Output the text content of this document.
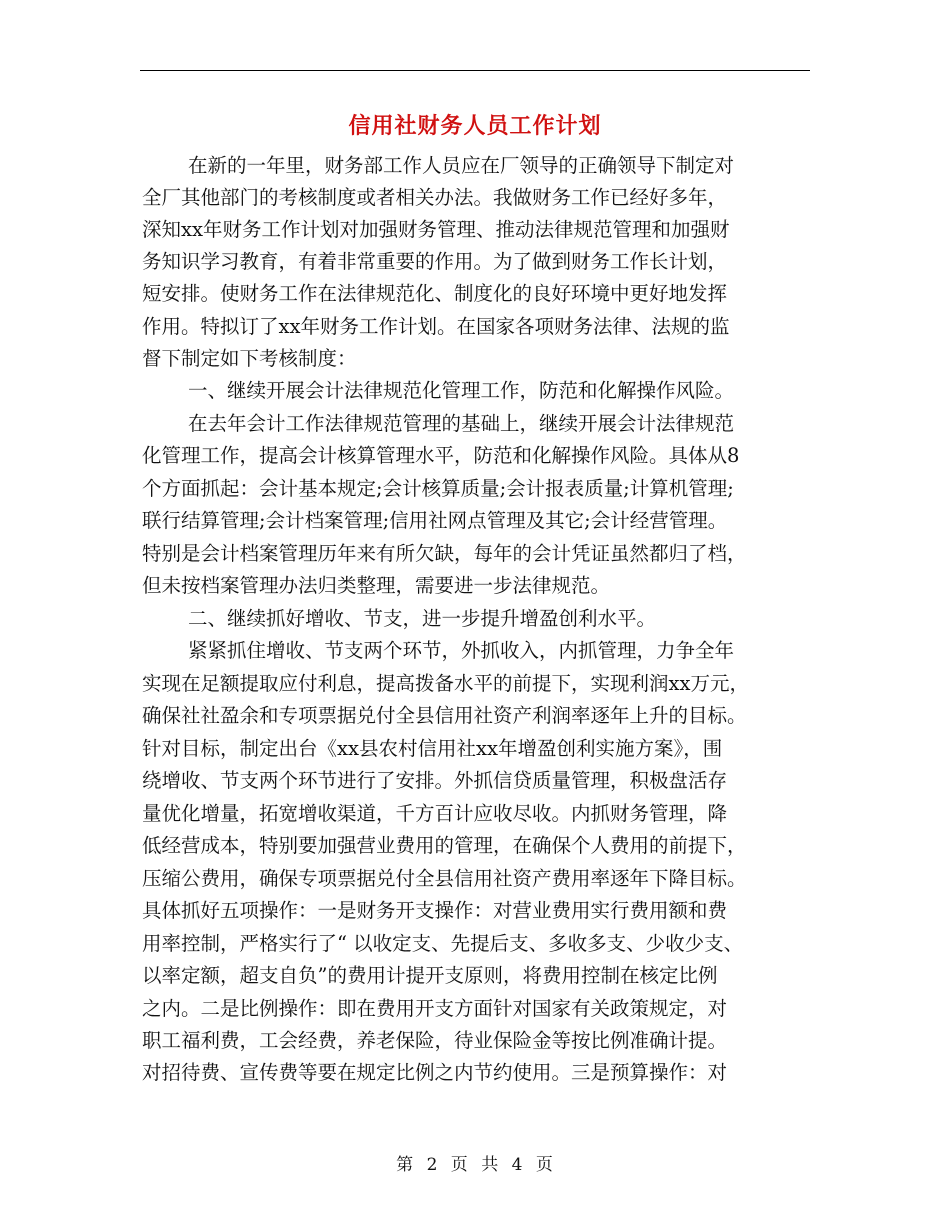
信用社财务人员工作计划
在新的一年里，财务部工作人员应在厂领导的正确领导下制定对
全厂其他部门的考核制度或者相关办法。我做财务工作已经好多年，
深知xx年财务工作计划对加强财务管理、推动法律规范管理和加强财
务知识学习教育，有着非常重要的作用。为了做到财务工作长计划，
短安排。使财务工作在法律规范化、制度化的良好环境中更好地发挥
作用。特拟订了xx年财务工作计划。在国家各项财务法律、法规的监
督下制定如下考核制度：
一、继续开展会计法律规范化管理工作，防范和化解操作风险。
在去年会计工作法律规范管理的基础上，继续开展会计法律规范
化管理工作，提高会计核算管理水平，防范和化解操作风险。具体从8
个方面抓起：会计基本规定;会计核算质量;会计报表质量;计算机管理;
联行结算管理;会计档案管理;信用社网点管理及其它;会计经营管理。
特别是会计档案管理历年来有所欠缺，每年的会计凭证虽然都归了档，
但未按档案管理办法归类整理，需要进一步法律规范。
二、继续抓好增收、节支，进一步提升增盈创利水平。
紧紧抓住增收、节支两个环节，外抓收入，内抓管理，力争全年
实现在足额提取应付利息，提高拨备水平的前提下，实现利润xx万元，
确保社社盈余和专项票据兑付全县信用社资产利润率逐年上升的目标。
针对目标，制定出台《xx县农村信用社xx年增盈创利实施方案》，围
绕增收、节支两个环节进行了安排。外抓信贷质量管理，积极盘活存
量优化增量，拓宽增收渠道，千方百计应收尽收。内抓财务管理，降
低经营成本，特别要加强营业费用的管理，在确保个人费用的前提下，
压缩公费用，确保专项票据兑付全县信用社资产费用率逐年下降目标。
具体抓好五项操作：一是财务开支操作：对营业费用实行费用额和费
用率控制，严格实行了“ 以收定支、先提后支、多收多支、少收少支、
以率定额，超支自负”的费用计提开支原则，将费用控制在核定比例
之内。二是比例操作：即在费用开支方面针对国家有关政策规定，对
职工福利费，工会经费，养老保险，待业保险金等按比例准确计提。
对招待费、宣传费等要在规定比例之内节约使用。三是预算操作：对
第 2 页 共 4 页
